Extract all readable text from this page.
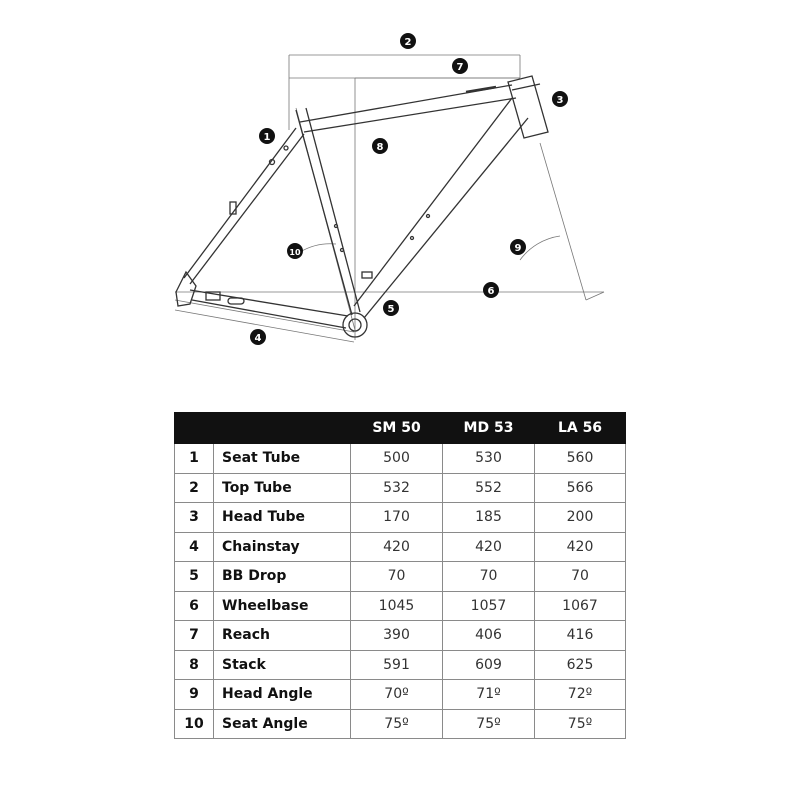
1
2
3
4
5
6
7
8
9
10
		SM 50	MD 53	LA 56
1	Seat Tube	500	530	560
2	Top Tube	532	552	566
3	Head Tube	170	185	200
4	Chainstay	420	420	420
5	BB Drop	70	70	70
6	Wheelbase	1045	1057	1067
7	Reach	390	406	416
8	Stack	591	609	625
9	Head Angle	70º	71º	72º
10	Seat Angle	75º	75º	75º
